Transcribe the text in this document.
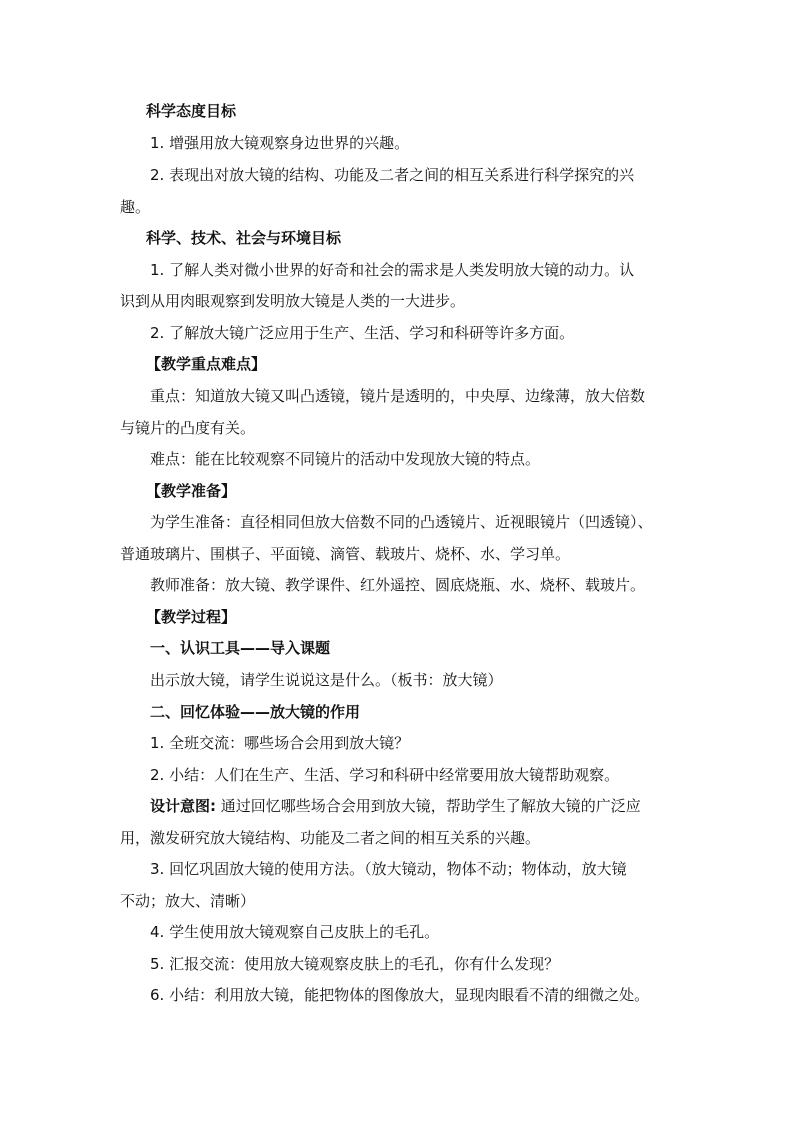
科学态度目标
1. 增强用放大镜观察身边世界的兴趣。
2. 表现出对放大镜的结构、功能及二者之间的相互关系进行科学探究的兴
趣。
科学、技术、社会与环境目标
1. 了解人类对微小世界的好奇和社会的需求是人类发明放大镜的动力。认
识到从用肉眼观察到发明放大镜是人类的一大进步。
2. 了解放大镜广泛应用于生产、生活、学习和科研等许多方面。
【教学重点难点】
重点：知道放大镜又叫凸透镜，镜片是透明的，中央厚、边缘薄，放大倍数
与镜片的凸度有关。
难点：能在比较观察不同镜片的活动中发现放大镜的特点。
【教学准备】
为学生准备：直径相同但放大倍数不同的凸透镜片、近视眼镜片（凹透镜）、
普通玻璃片、围棋子、平面镜、滴管、载玻片、烧杯、水、学习单。
教师准备：放大镜、教学课件、红外遥控、圆底烧瓶、水、烧杯、载玻片。
【教学过程】
一、认识工具——导入课题
出示放大镜，请学生说说这是什么。（板书：放大镜）
二、回忆体验——放大镜的作用
1. 全班交流：哪些场合会用到放大镜？
2. 小结：人们在生产、生活、学习和科研中经常要用放大镜帮助观察。
设计意图: 通过回忆哪些场合会用到放大镜，帮助学生了解放大镜的广泛应
用，激发研究放大镜结构、功能及二者之间的相互关系的兴趣。
3. 回忆巩固放大镜的使用方法。（放大镜动，物体不动；物体动，放大镜
不动；放大、清晰）
4. 学生使用放大镜观察自己皮肤上的毛孔。
5. 汇报交流：使用放大镜观察皮肤上的毛孔，你有什么发现？
6. 小结：利用放大镜，能把物体的图像放大，显现肉眼看不清的细微之处。
